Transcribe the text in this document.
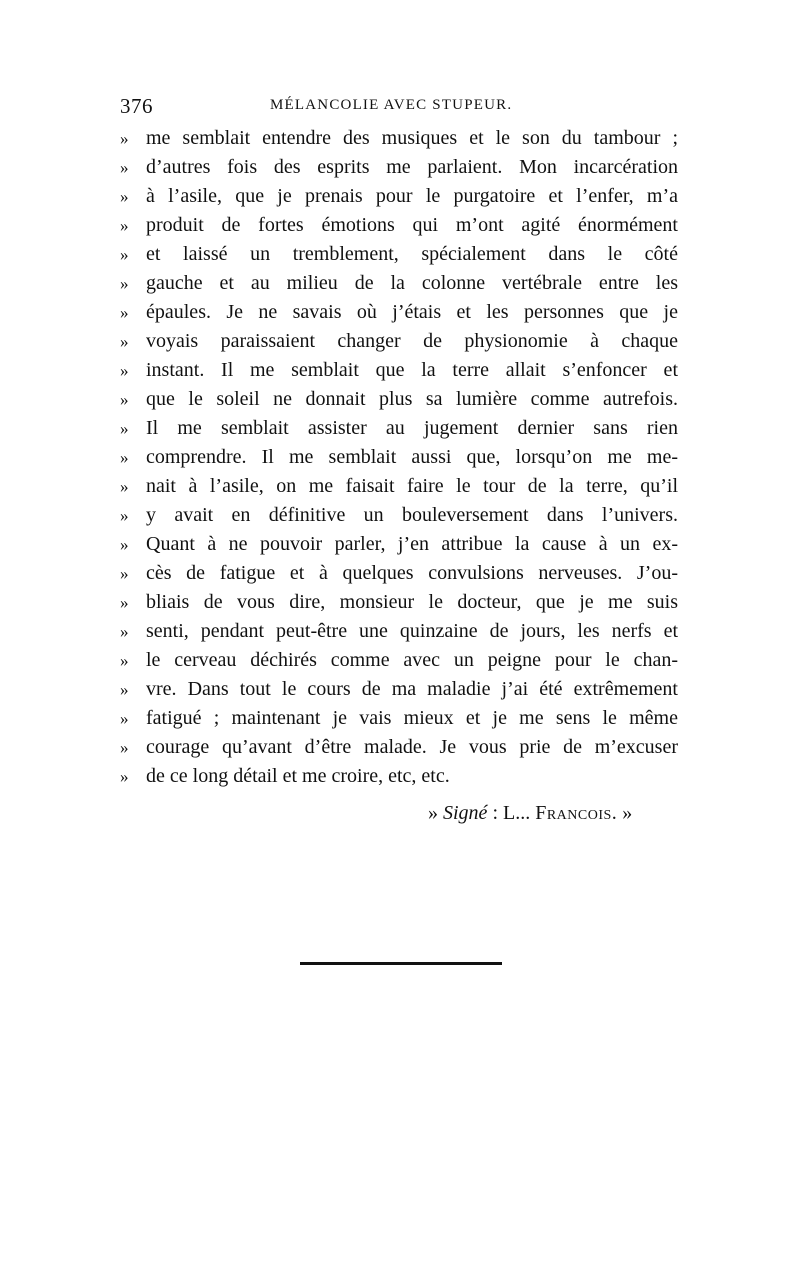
376	MÉLANCOLIE AVEC STUPEUR.
» me semblait entendre des musiques et le son du tambour ;
» d’autres fois des esprits me parlaient. Mon incarcération
» à l’asile, que je prenais pour le purgatoire et l’enfer, m’a
» produit de fortes émotions qui m’ont agité énormément
» et laissé un tremblement, spécialement dans le côté
» gauche et au milieu de la colonne vertébrale entre les
» épaules. Je ne savais où j’étais et les personnes que je
» voyais paraissaient changer de physionomie à chaque
» instant. Il me semblait que la terre allait s’enfoncer et
» que le soleil ne donnait plus sa lumière comme autrefois.
» Il me semblait assister au jugement dernier sans rien
» comprendre. Il me semblait aussi que, lorsqu’on me me-
» nait à l’asile, on me faisait faire le tour de la terre, qu’il
» y avait en définitive un bouleversement dans l’univers.
» Quant à ne pouvoir parler, j’en attribue la cause à un ex-
» cès de fatigue et à quelques convulsions nerveuses. J’ou-
» bliais de vous dire, monsieur le docteur, que je me suis
» senti, pendant peut-être une quinzaine de jours, les nerfs et
» le cerveau déchirés comme avec un peigne pour le chan-
» vre. Dans tout le cours de ma maladie j’ai été extrêmement
» fatigué ; maintenant je vais mieux et je me sens le même
» courage qu’avant d’être malade. Je vous prie de m’excuser
» de ce long détail et me croire, etc, etc.
» Signé : L... Francois. »
